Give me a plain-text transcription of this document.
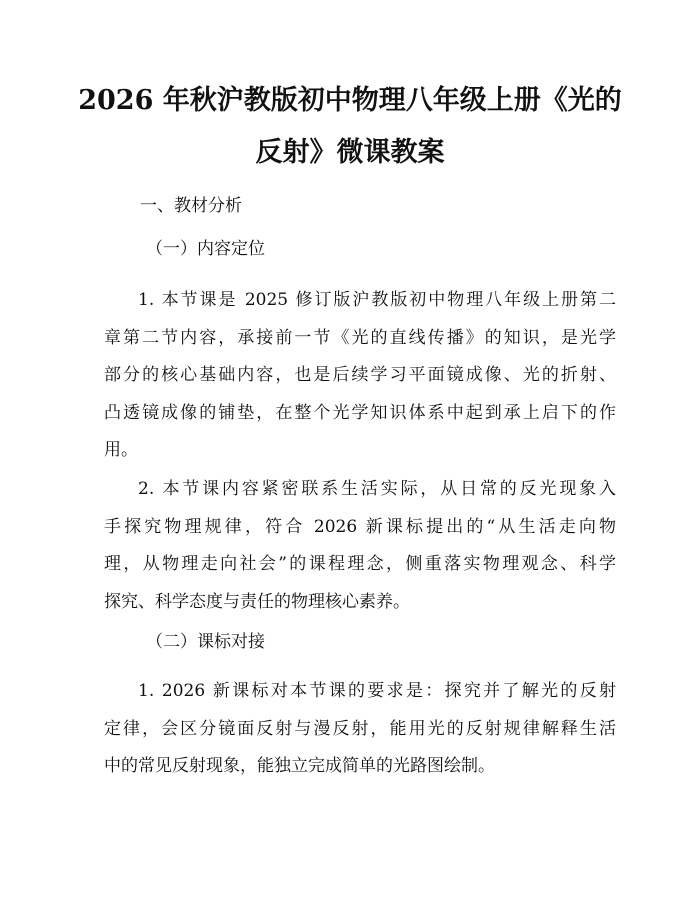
2026 年秋沪教版初中物理八年级上册《光的
反射》微课教案
一、教材分析
（一）内容定位
1. 本节课是 2025 修订版沪教版初中物理八年级上册第二
章第二节内容，承接前一节《光的直线传播》的知识，是光学
部分的核心基础内容，也是后续学习平面镜成像、光的折射、
凸透镜成像的铺垫，在整个光学知识体系中起到承上启下的作
用。
2. 本节课内容紧密联系生活实际，从日常的反光现象入
手探究物理规律，符合 2026 新课标提出的“从生活走向物
理，从物理走向社会”的课程理念，侧重落实物理观念、科学
探究、科学态度与责任的物理核心素养。
（二）课标对接
1. 2026 新课标对本节课的要求是：探究并了解光的反射
定律，会区分镜面反射与漫反射，能用光的反射规律解释生活
中的常见反射现象，能独立完成简单的光路图绘制。
